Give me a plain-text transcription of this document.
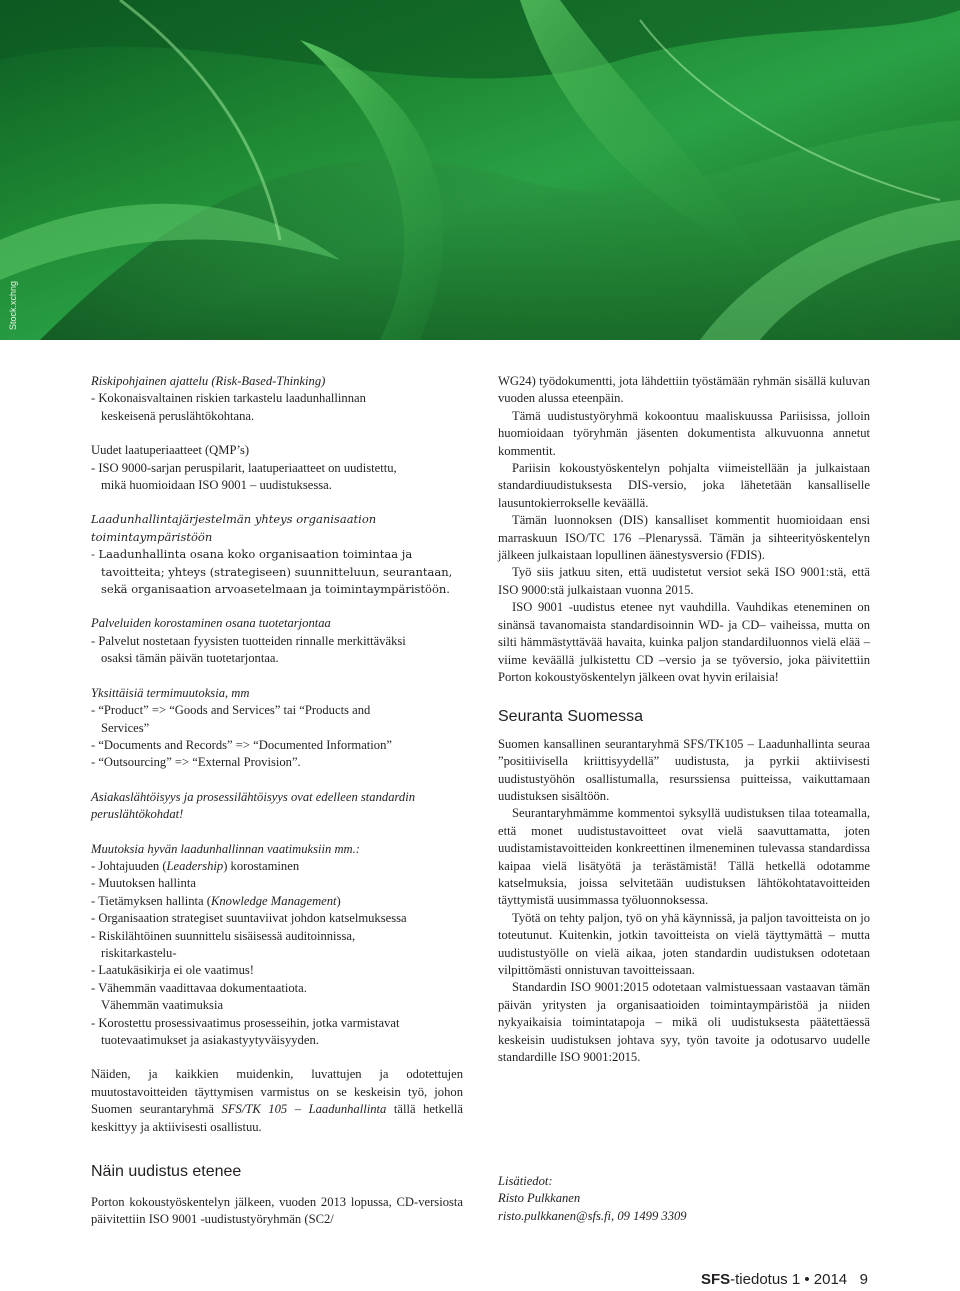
Stock.xchng

Riskipohjainen ajattelu (Risk-Based-Thinking)

- Kokonaisvaltainen riskien tarkastelu laadunhallinnan

keskeisenä peruslähtökohtana.

Uudet laatuperiaatteet (QMP’s)

- ISO 9000-sarjan peruspilarit, laatuperiaatteet on uudistettu,

mikä huomioidaan ISO 9001 – uudistuksessa.

Laadunhallintajärjestelmän yhteys organisaation

toimintaympäristöön

- Laadunhallinta osana koko organisaation toimintaa ja

tavoitteita; yhteys (strategiseen) suunnitteluun, seurantaan,

sekä organisaation arvoasetelmaan ja toimintaympäristöön.

Palveluiden korostaminen osana tuotetarjontaa

- Palvelut nostetaan fyysisten tuotteiden rinnalle merkittäväksi

osaksi tämän päivän tuotetarjontaa.

Yksittäisiä termimuutoksia, mm

- “Product” => “Goods and Services” tai “Products and

Services”

- “Documents and Records” => “Documented Information”

- “Outsourcing” => “External Provision”.

Asiakaslähtöisyys ja prosessilähtöisyys ovat edelleen standardin

peruslähtökohdat!

Muutoksia hyvän laadunhallinnan vaatimuksiin mm.:

- Johtajuuden (Leadership) korostaminen

- Muutoksen hallinta

- Tietämyksen hallinta (Knowledge Management)

- Organisaation strategiset suuntaviivat johdon katselmuksessa

- Riskilähtöinen suunnittelu sisäisessä auditoinnissa,

riskitarkastelu-

- Laatukäsikirja ei ole vaatimus!

- Vähemmän vaadittavaa dokumentaatiota.

Vähemmän vaatimuksia

- Korostettu prosessivaatimus prosesseihin, jotka varmistavat

tuotevaatimukset ja asiakastyytyväisyyden.

Näiden, ja kaikkien muidenkin, luvattujen ja odotettujen muutostavoitteiden täyttymisen varmistus on se keskeisin työ, johon Suomen seurantaryhmä SFS/TK 105 – Laadunhallinta tällä hetkellä keskittyy ja aktiivisesti osallistuu.

Näin uudistus etenee

Porton kokoustyöskentelyn jälkeen, vuoden 2013 lopussa, CD-versiosta päivitettiin ISO 9001 -uudistustyöryhmän (SC2/

WG24) työdokumentti, jota lähdettiin työstämään ryhmän sisällä kuluvan vuoden alussa eteenpäin.

Tämä uudistustyöryhmä kokoontuu maaliskuussa Pariisissa, jolloin huomioidaan työryhmän jäsenten dokumentista alkuvuonna annetut kommentit.

Pariisin kokoustyöskentelyn pohjalta viimeistellään ja julkaistaan standardiuudistuksesta DIS-versio, joka lähetetään kansalliselle lausuntokierrokselle keväällä.

Tämän luonnoksen (DIS) kansalliset kommentit huomioidaan ensi marraskuun ISO/TC 176 –Plenaryssä. Tämän ja sihteerityöskentelyn jälkeen julkaistaan lopullinen äänestysversio (FDIS).

Työ siis jatkuu siten, että uudistetut versiot sekä ISO 9001:stä, että ISO 9000:stä julkaistaan vuonna 2015.

ISO 9001 -uudistus etenee nyt vauhdilla. Vauhdikas eteneminen on sinänsä tavanomaista standardisoinnin WD- ja CD– vaiheissa, mutta on silti hämmästyttävää havaita, kuinka paljon standardiluonnos vielä elää – viime keväällä julkistettu CD –versio ja se työversio, joka päivitettiin Porton kokoustyöskentelyn jälkeen ovat hyvin erilaisia!

Seuranta Suomessa

Suomen kansallinen seurantaryhmä SFS/TK105 – Laadunhallinta seuraa ”positiivisella kriittisyydellä” uudistusta, ja pyrkii aktiivisesti uudistustyöhön osallistumalla, resurssiensa puitteissa, vaikuttamaan uudistuksen sisältöön.

Seurantaryhmämme kommentoi syksyllä uudistuksen tilaa toteamalla, että monet uudistustavoitteet ovat vielä saavuttamatta, joten uudistamistavoitteiden konkreettinen ilmeneminen tulevassa standardissa kaipaa vielä lisätyötä ja terästämistä! Tällä hetkellä odotamme katselmuksia, joissa selvitetään uudistuksen lähtökohtatavoitteiden täyttymistä uusimmassa työluonnoksessa.

Työtä on tehty paljon, työ on yhä käynnissä, ja paljon tavoitteista on jo toteutunut. Kuitenkin, jotkin tavoitteista on vielä täyttymättä – mutta uudistustyölle on vielä aikaa, joten standardin uudistuksen odotetaan vilpittömästi onnistuvan tavoitteissaan.

Standardin ISO 9001:2015 odotetaan valmistuessaan vastaavan tämän päivän yritysten ja organisaatioiden toimintaympäristöä ja niiden nykyaikaisia toimintatapoja – mikä oli uudistuksesta päätettäessä keskeisin uudistuksen johtava syy, työn tavoite ja odotusarvo uudelle standardille ISO 9001:2015.

Lisätiedot:
Risto Pulkkanen
risto.pulkkanen@sfs.fi, 09 1499 3309
SFS-tiedotus 1 • 2014 9
